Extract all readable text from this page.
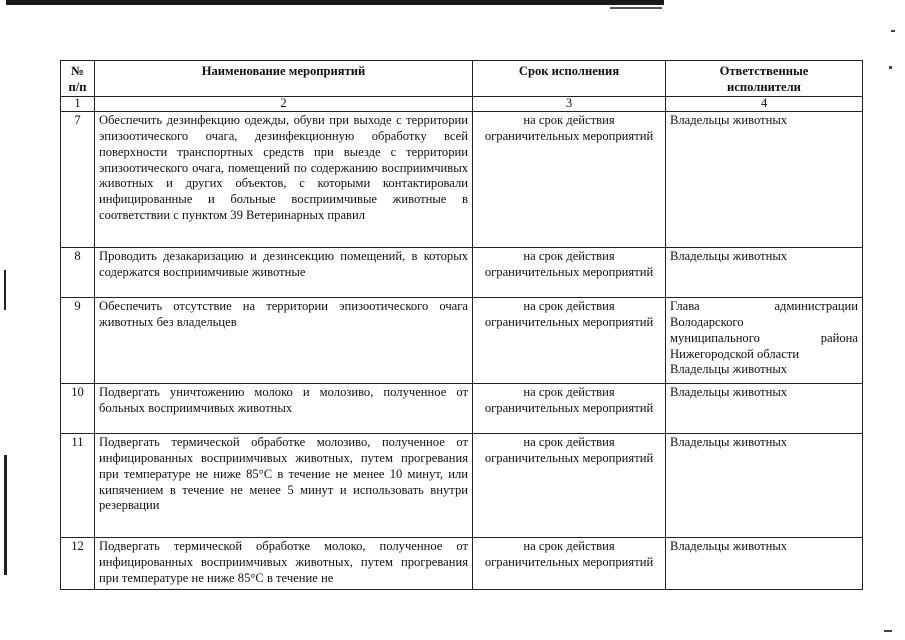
№
п/п	Наименование мероприятий	Срок исполнения	Ответственные
исполнители
1	2	3	4
7	Обеспечить дезинфекцию одежды, обуви при выходе с территории эпизоотического очага, дезинфекционную обработку всей поверхности транспортных средств при выезде с территории эпизоотического очага, помещений по содержанию восприимчивых животных и других объектов, с которыми контактировали инфицированные и больные восприимчивые животные в соответствии с пунктом 39 Ветеринарных правил	на срок действия ограничительных мероприятий	Владельцы животных

8	Проводить дезакаризацию и дезинсекцию помещений, в которых содержатся восприимчивые животные	на срок действия ограничительных мероприятий	Владельцы животных

9	Обеспечить отсутствие на территории эпизоотического очага животных без владельцев	на срок действия ограничительных мероприятий	Глава администрации
Володарского
муниципального района
Нижегородской области
Владельцы животных

10	Подвергать уничтожению молоко и молозиво, полученное от больных восприимчивых животных	на срок действия ограничительных мероприятий	Владельцы животных

11	Подвергать термической обработке молозиво, полученное от инфицированных восприимчивых животных, путем прогревания при температуре не ниже 85°С в течение не менее 10 минут, или кипячением в течение не менее 5 минут и использовать внутри резервации	на срок действия ограничительных мероприятий	Владельцы животных

12	Подвергать термической обработке молоко, полученное от инфицированных восприимчивых животных, путем прогревания при температуре не ниже 85°С в течение не	на срок действия ограничительных мероприятий	Владельцы животных
